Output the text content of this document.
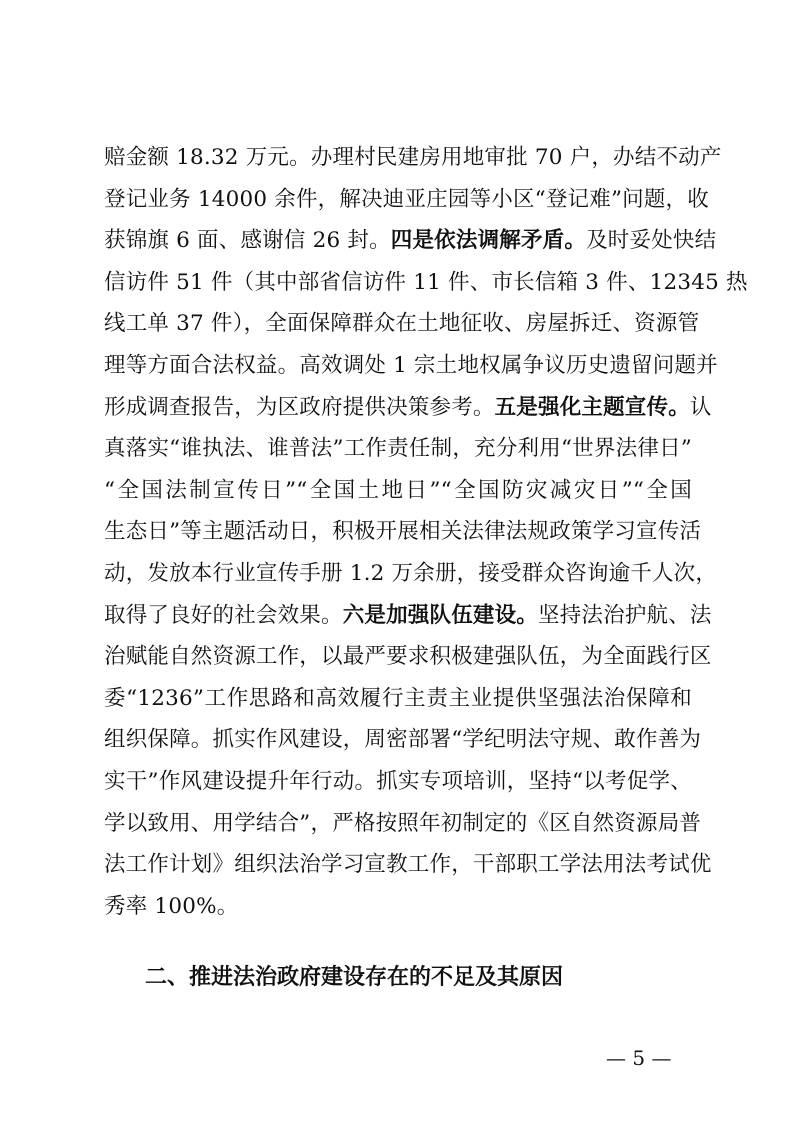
赔金额 18.32 万元。办理村民建房用地审批 70 户，办结不动产
登记业务 14000 余件，解决迪亚庄园等小区“登记难”问题，收
获锦旗 6 面、感谢信 26 封。四是依法调解矛盾。及时妥处快结
信访件 51 件（其中部省信访件 11 件、市长信箱 3 件、12345 热
线工单 37 件），全面保障群众在土地征收、房屋拆迁、资源管
理等方面合法权益。高效调处 1 宗土地权属争议历史遗留问题并
形成调查报告，为区政府提供决策参考。五是强化主题宣传。认
真落实“谁执法、谁普法”工作责任制，充分利用“世界法律日”
“全国法制宣传日”“全国土地日”“全国防灾减灾日”“全国
生态日”等主题活动日，积极开展相关法律法规政策学习宣传活
动，发放本行业宣传手册 1.2 万余册，接受群众咨询逾千人次，
取得了良好的社会效果。六是加强队伍建设。坚持法治护航、法
治赋能自然资源工作，以最严要求积极建强队伍，为全面践行区
委“1236”工作思路和高效履行主责主业提供坚强法治保障和
组织保障。抓实作风建设，周密部署“学纪明法守规、敢作善为
实干”作风建设提升年行动。抓实专项培训，坚持“以考促学、
学以致用、用学结合”，严格按照年初制定的《区自然资源局普
法工作计划》组织法治学习宣教工作，干部职工学法用法考试优
秀率 100%。
二、推进法治政府建设存在的不足及其原因
— 5 —
